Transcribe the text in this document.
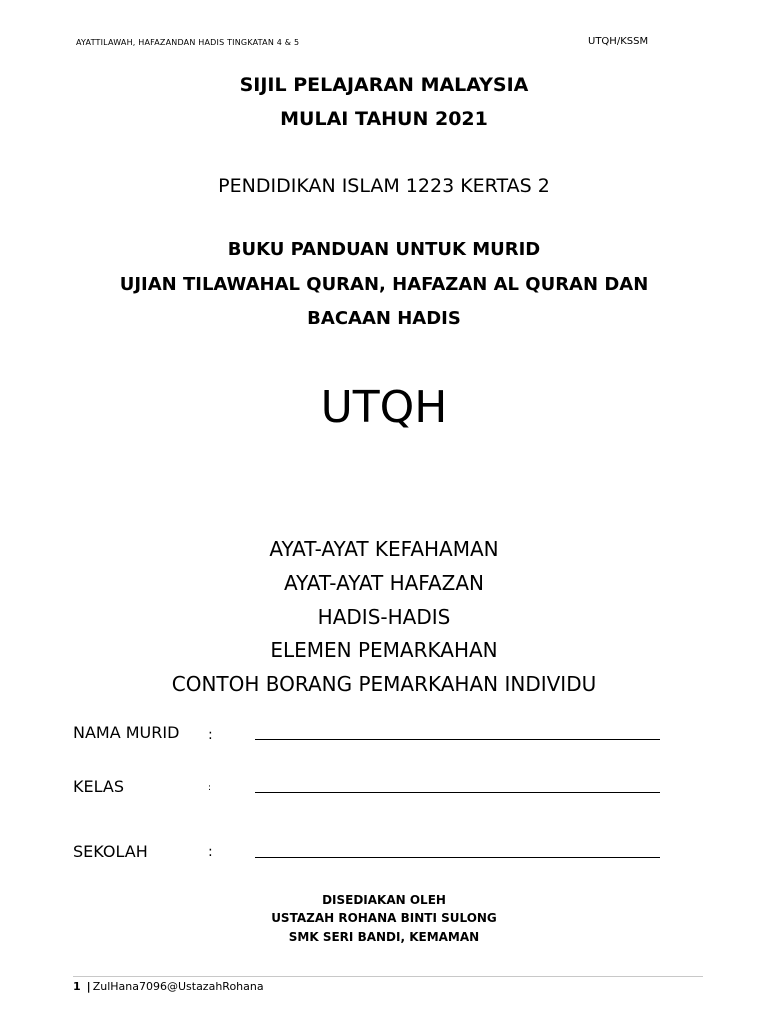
AYATTILAWAH, HAFAZANDAN HADIS TINGKATAN 4 & 5	UTQH/KSSM
SIJIL PELAJARAN MALAYSIA
MULAI TAHUN 2021
PENDIDIKAN ISLAM 1223 KERTAS 2
BUKU PANDUAN UNTUK MURID
UJIAN TILAWAHAL QURAN, HAFAZAN AL QURAN DAN
BACAAN HADIS
UTQH
AYAT-AYAT KEFAHAMAN
AYAT-AYAT HAFAZAN
HADIS-HADIS
ELEMEN PEMARKAHAN
CONTOH BORANG PEMARKAHAN INDIVIDU
NAMA MURID :
KELAS	:
SEKOLAH	:
DISEDIAKAN OLEH
USTAZAH ROHANA BINTI SULONG
SMK SERI BANDI, KEMAMAN
1 | ZulHana7096@UstazahRohana
